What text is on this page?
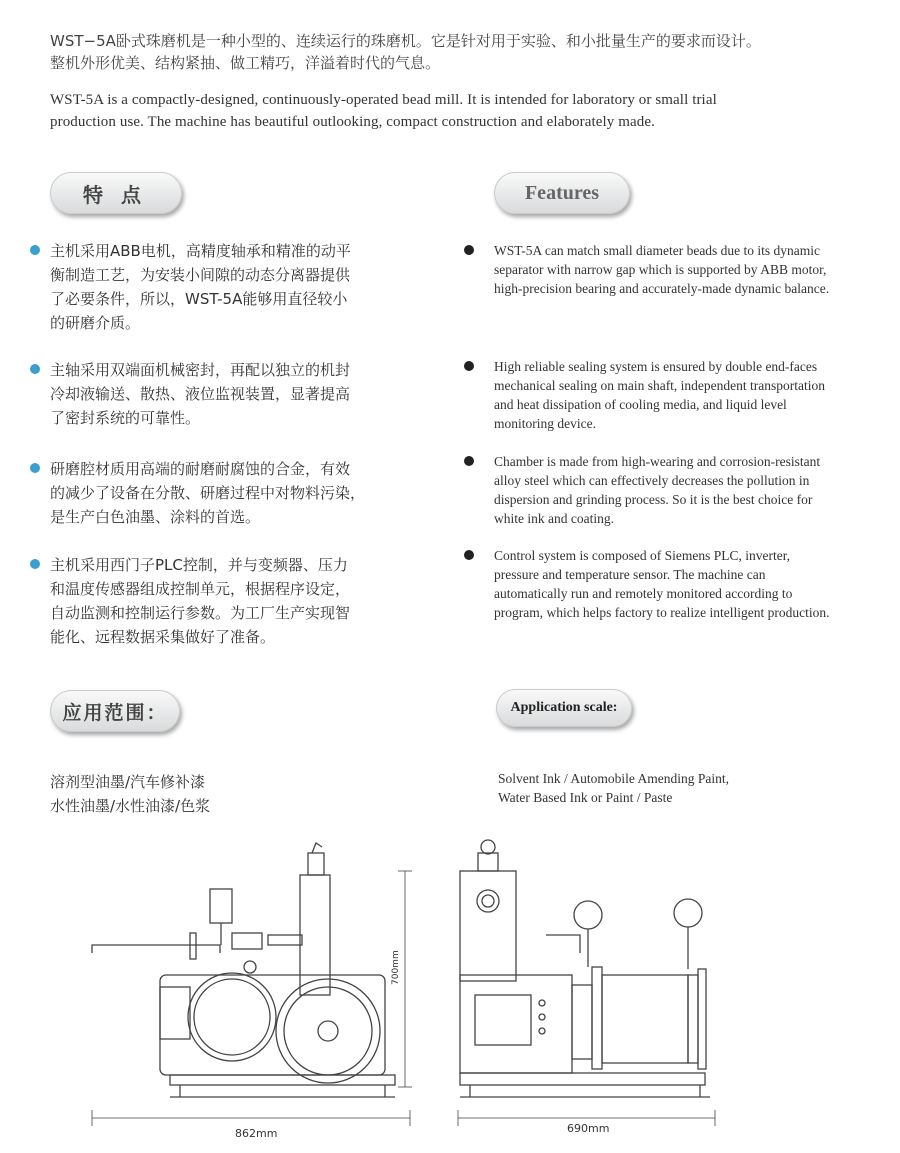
WST−5A卧式珠磨机是一种小型的、连续运行的珠磨机。它是针对用于实验、和小批量生产的要求而设计。
整机外形优美、结构紧抽、做工精巧，洋溢着时代的气息。
WST-5A is a compactly-designed, continuously-operated bead mill. It is intended for laboratory or small trial
production use. The machine has beautiful outlooking, compact construction and elaborately made.
特点	Features
主机采用ABB电机，高精度轴承和精准的动平
衡制造工艺，为安装小间隙的动态分离器提供
了必要条件，所以，WST-5A能够用直径较小
的研磨介质。
主轴采用双端面机械密封，再配以独立的机封
冷却液输送、散热、液位监视装置，显著提高
了密封系统的可靠性。
研磨腔材质用高端的耐磨耐腐蚀的合金，有效
的减少了设备在分散、研磨过程中对物料污染，
是生产白色油墨、涂料的首选。
主机采用西门子PLC控制，并与变频器、压力
和温度传感器组成控制单元，根据程序设定，
自动监测和控制运行参数。为工厂生产实现智
能化、远程数据采集做好了准备。
WST-5A can match small diameter beads due to its dynamic
separator with narrow gap which is supported by ABB motor,
high-precision bearing and accurately-made dynamic balance.
High reliable sealing system is ensured by double end-faces
mechanical sealing on main shaft, independent transportation
and heat dissipation of cooling media, and liquid level
monitoring device.
Chamber is made from high-wearing and corrosion-resistant
alloy steel which can effectively decreases the pollution in
dispersion and grinding process. So it is the best choice for
white ink and coating.
Control system is composed of Siemens PLC, inverter,
pressure and temperature sensor. The machine can
automatically run and remotely monitored according to
program, which helps factory to realize intelligent production.
应用范围：	Application scale:
溶剂型油墨/汽车修补漆
水性油墨/水性油漆/色浆
Solvent Ink / Automobile Amending Paint,
Water Based Ink or Paint / Paste
700mm
862mm	690mm
